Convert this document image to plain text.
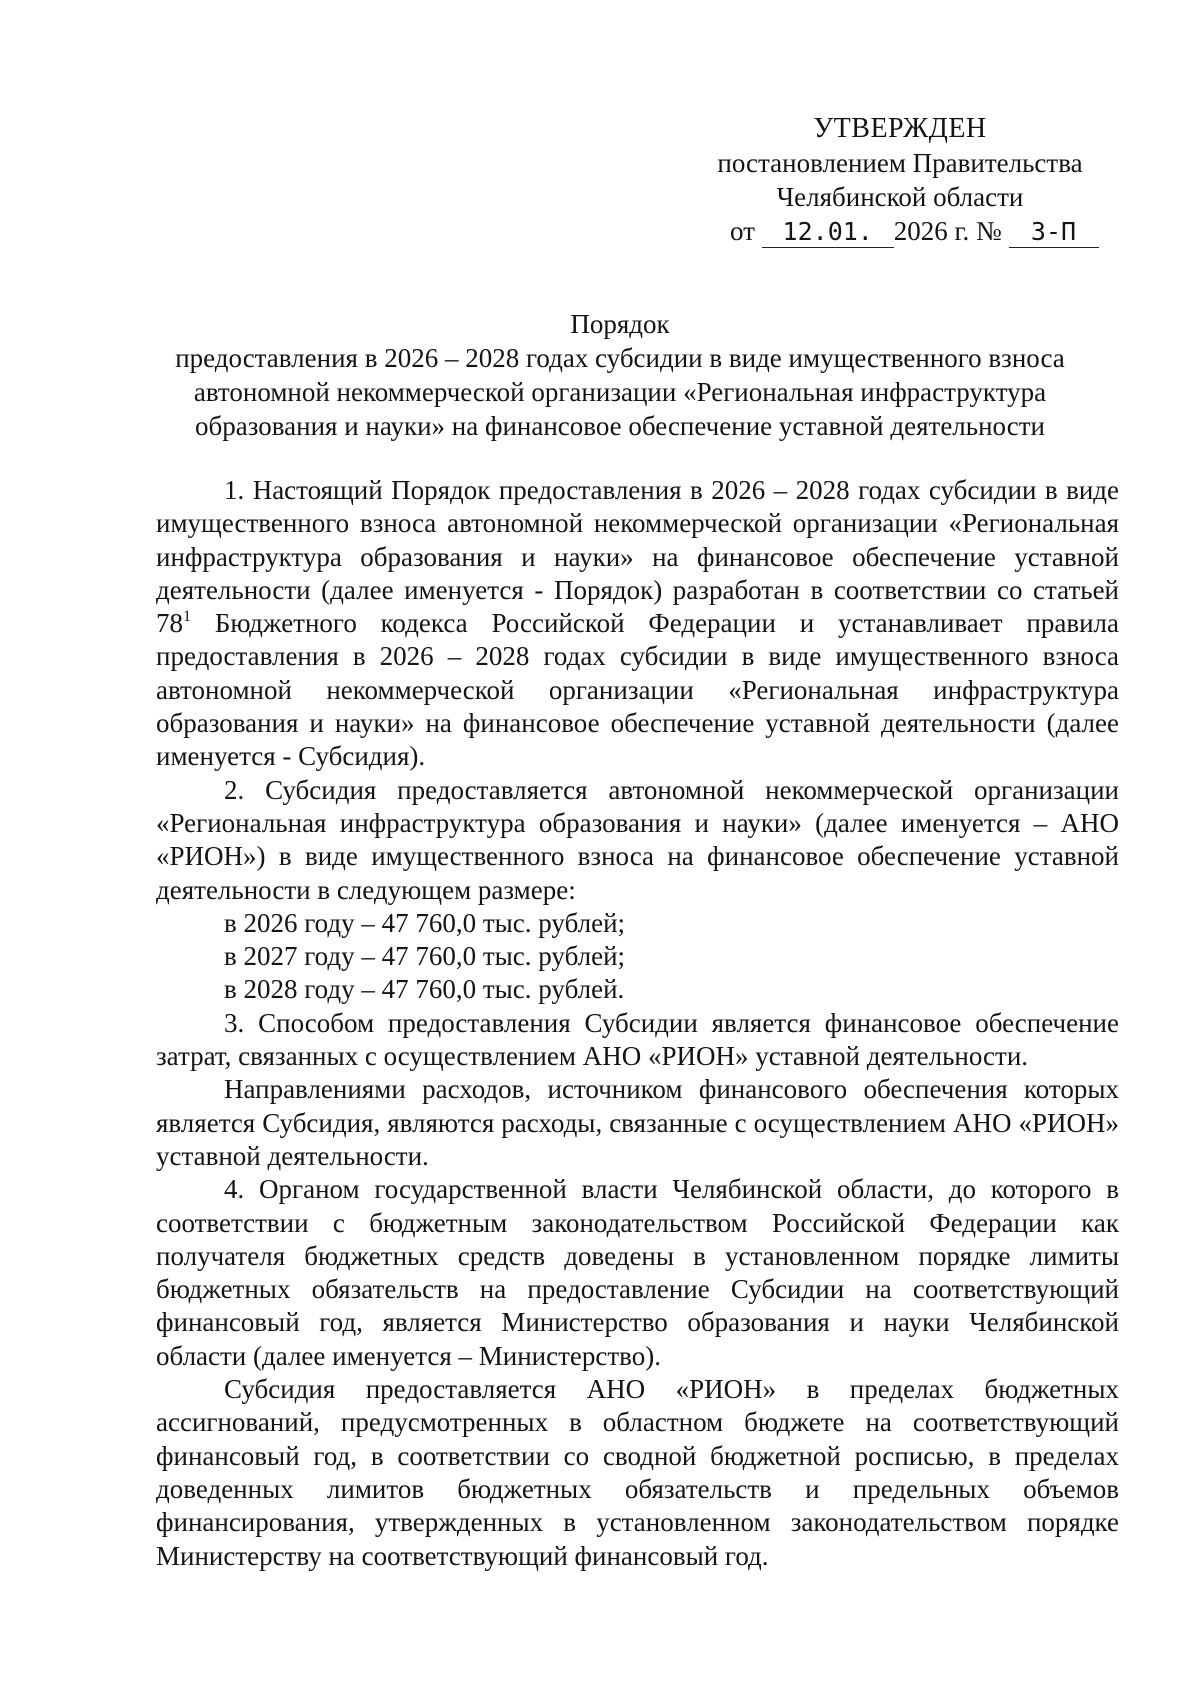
УТВЕРЖДЕН
постановлением Правительства
Челябинской области
от 12.01. 2026 г. № 3-П
Порядок
предоставления в 2026 – 2028 годах субсидии в виде имущественного взноса
автономной некоммерческой организации «Региональная инфраструктура
образования и науки» на финансовое обеспечение уставной деятельности

1. Настоящий Порядок предоставления в 2026 – 2028 годах субсидии в виде имущественного взноса автономной некоммерческой организации «Региональная инфраструктура образования и науки» на финансовое обеспечение уставной деятельности (далее именуется - Порядок) разработан в соответствии со статьей $78^1$ Бюджетного кодекса Российской Федерации и устанавливает правила предоставления в 2026 – 2028 годах субсидии в виде имущественного взноса автономной некоммерческой организации «Региональная инфраструктура образования и науки» на финансовое обеспечение уставной деятельности (далее именуется - Субсидия).

2. Субсидия предоставляется автономной некоммерческой организации «Региональная инфраструктура образования и науки» (далее именуется – АНО «РИОН») в виде имущественного взноса на финансовое обеспечение уставной деятельности в следующем размере:

в 2026 году – 47 760,0 тыс. рублей;

в 2027 году – 47 760,0 тыс. рублей;

в 2028 году – 47 760,0 тыс. рублей.

3. Способом предоставления Субсидии является финансовое обеспечение затрат, связанных с осуществлением АНО «РИОН» уставной деятельности.

Направлениями расходов, источником финансового обеспечения которых является Субсидия, являются расходы, связанные с осуществлением АНО «РИОН» уставной деятельности.

4. Органом государственной власти Челябинской области, до которого в соответствии с бюджетным законодательством Российской Федерации как получателя бюджетных средств доведены в установленном порядке лимиты бюджетных обязательств на предоставление Субсидии на соответствующий финансовый год, является Министерство образования и науки Челябинской области (далее именуется – Министерство).

Субсидия предоставляется АНО «РИОН» в пределах бюджетных ассигнований, предусмотренных в областном бюджете на соответствующий финансовый год, в соответствии со сводной бюджетной росписью, в пределах доведенных лимитов бюджетных обязательств и предельных объемов финансирования, утвержденных в установленном законодательством порядке Министерству на соответствующий финансовый год.
